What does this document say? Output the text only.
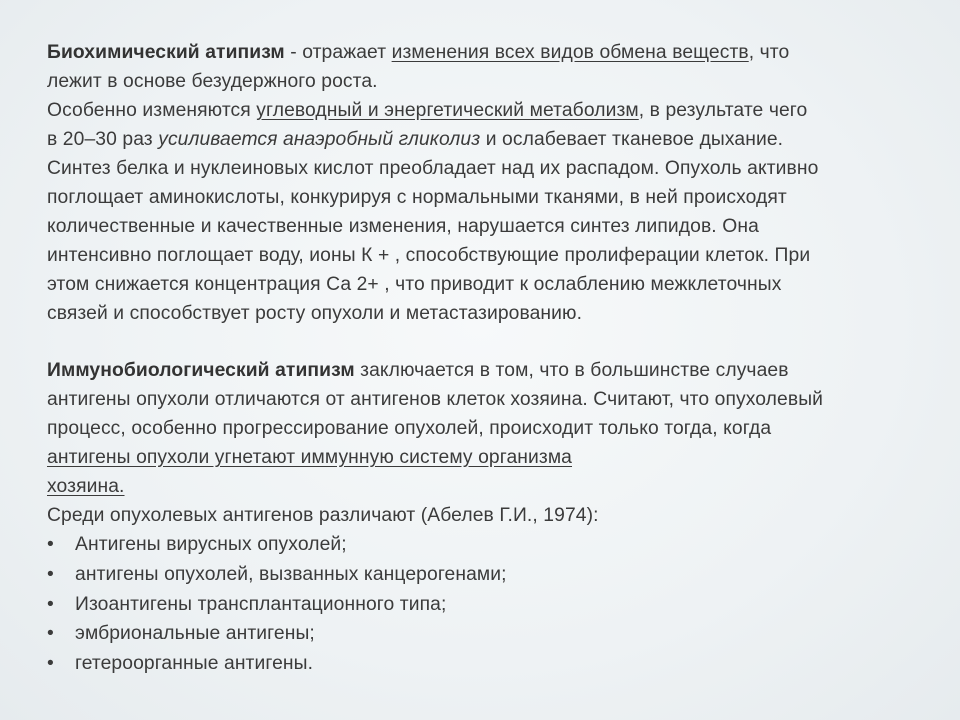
Биохимический атипизм - отражает изменения всех видов обмена веществ, что
лежит в основе безудержного роста.
Особенно изменяются углеводный и энергетический метаболизм, в результате чего
в 20–30 раз усиливается анаэробный гликолиз и ослабевает тканевое дыхание.
Синтез белка и нуклеиновых кислот преобладает над их распадом. Опухоль активно
поглощает аминокислоты, конкурируя с нормальными тканями, в ней происходят
количественные и качественные изменения, нарушается синтез липидов. Она
интенсивно поглощает воду, ионы К + , способствующие пролиферации клеток. При
этом снижается концентрация Са 2+ , что приводит к ослаблению межклеточных
связей и способствует росту опухоли и метастазированию.
Иммунобиологический атипизм заключается в том, что в большинстве случаев
антигены опухоли отличаются от антигенов клеток хозяина. Считают, что опухолевый
процесс, особенно прогрессирование опухолей, происходит только тогда, когда
антигены опухоли угнетают иммунную систему организма
хозяина.
Среди опухолевых антигенов различают (Абелев Г.И., 1974):
• Антигены вирусных опухолей;
• антигены опухолей, вызванных канцерогенами;
• Изоантигены трансплантационного типа;
• эмбриональные антигены;
• гетероорганные антигены.
